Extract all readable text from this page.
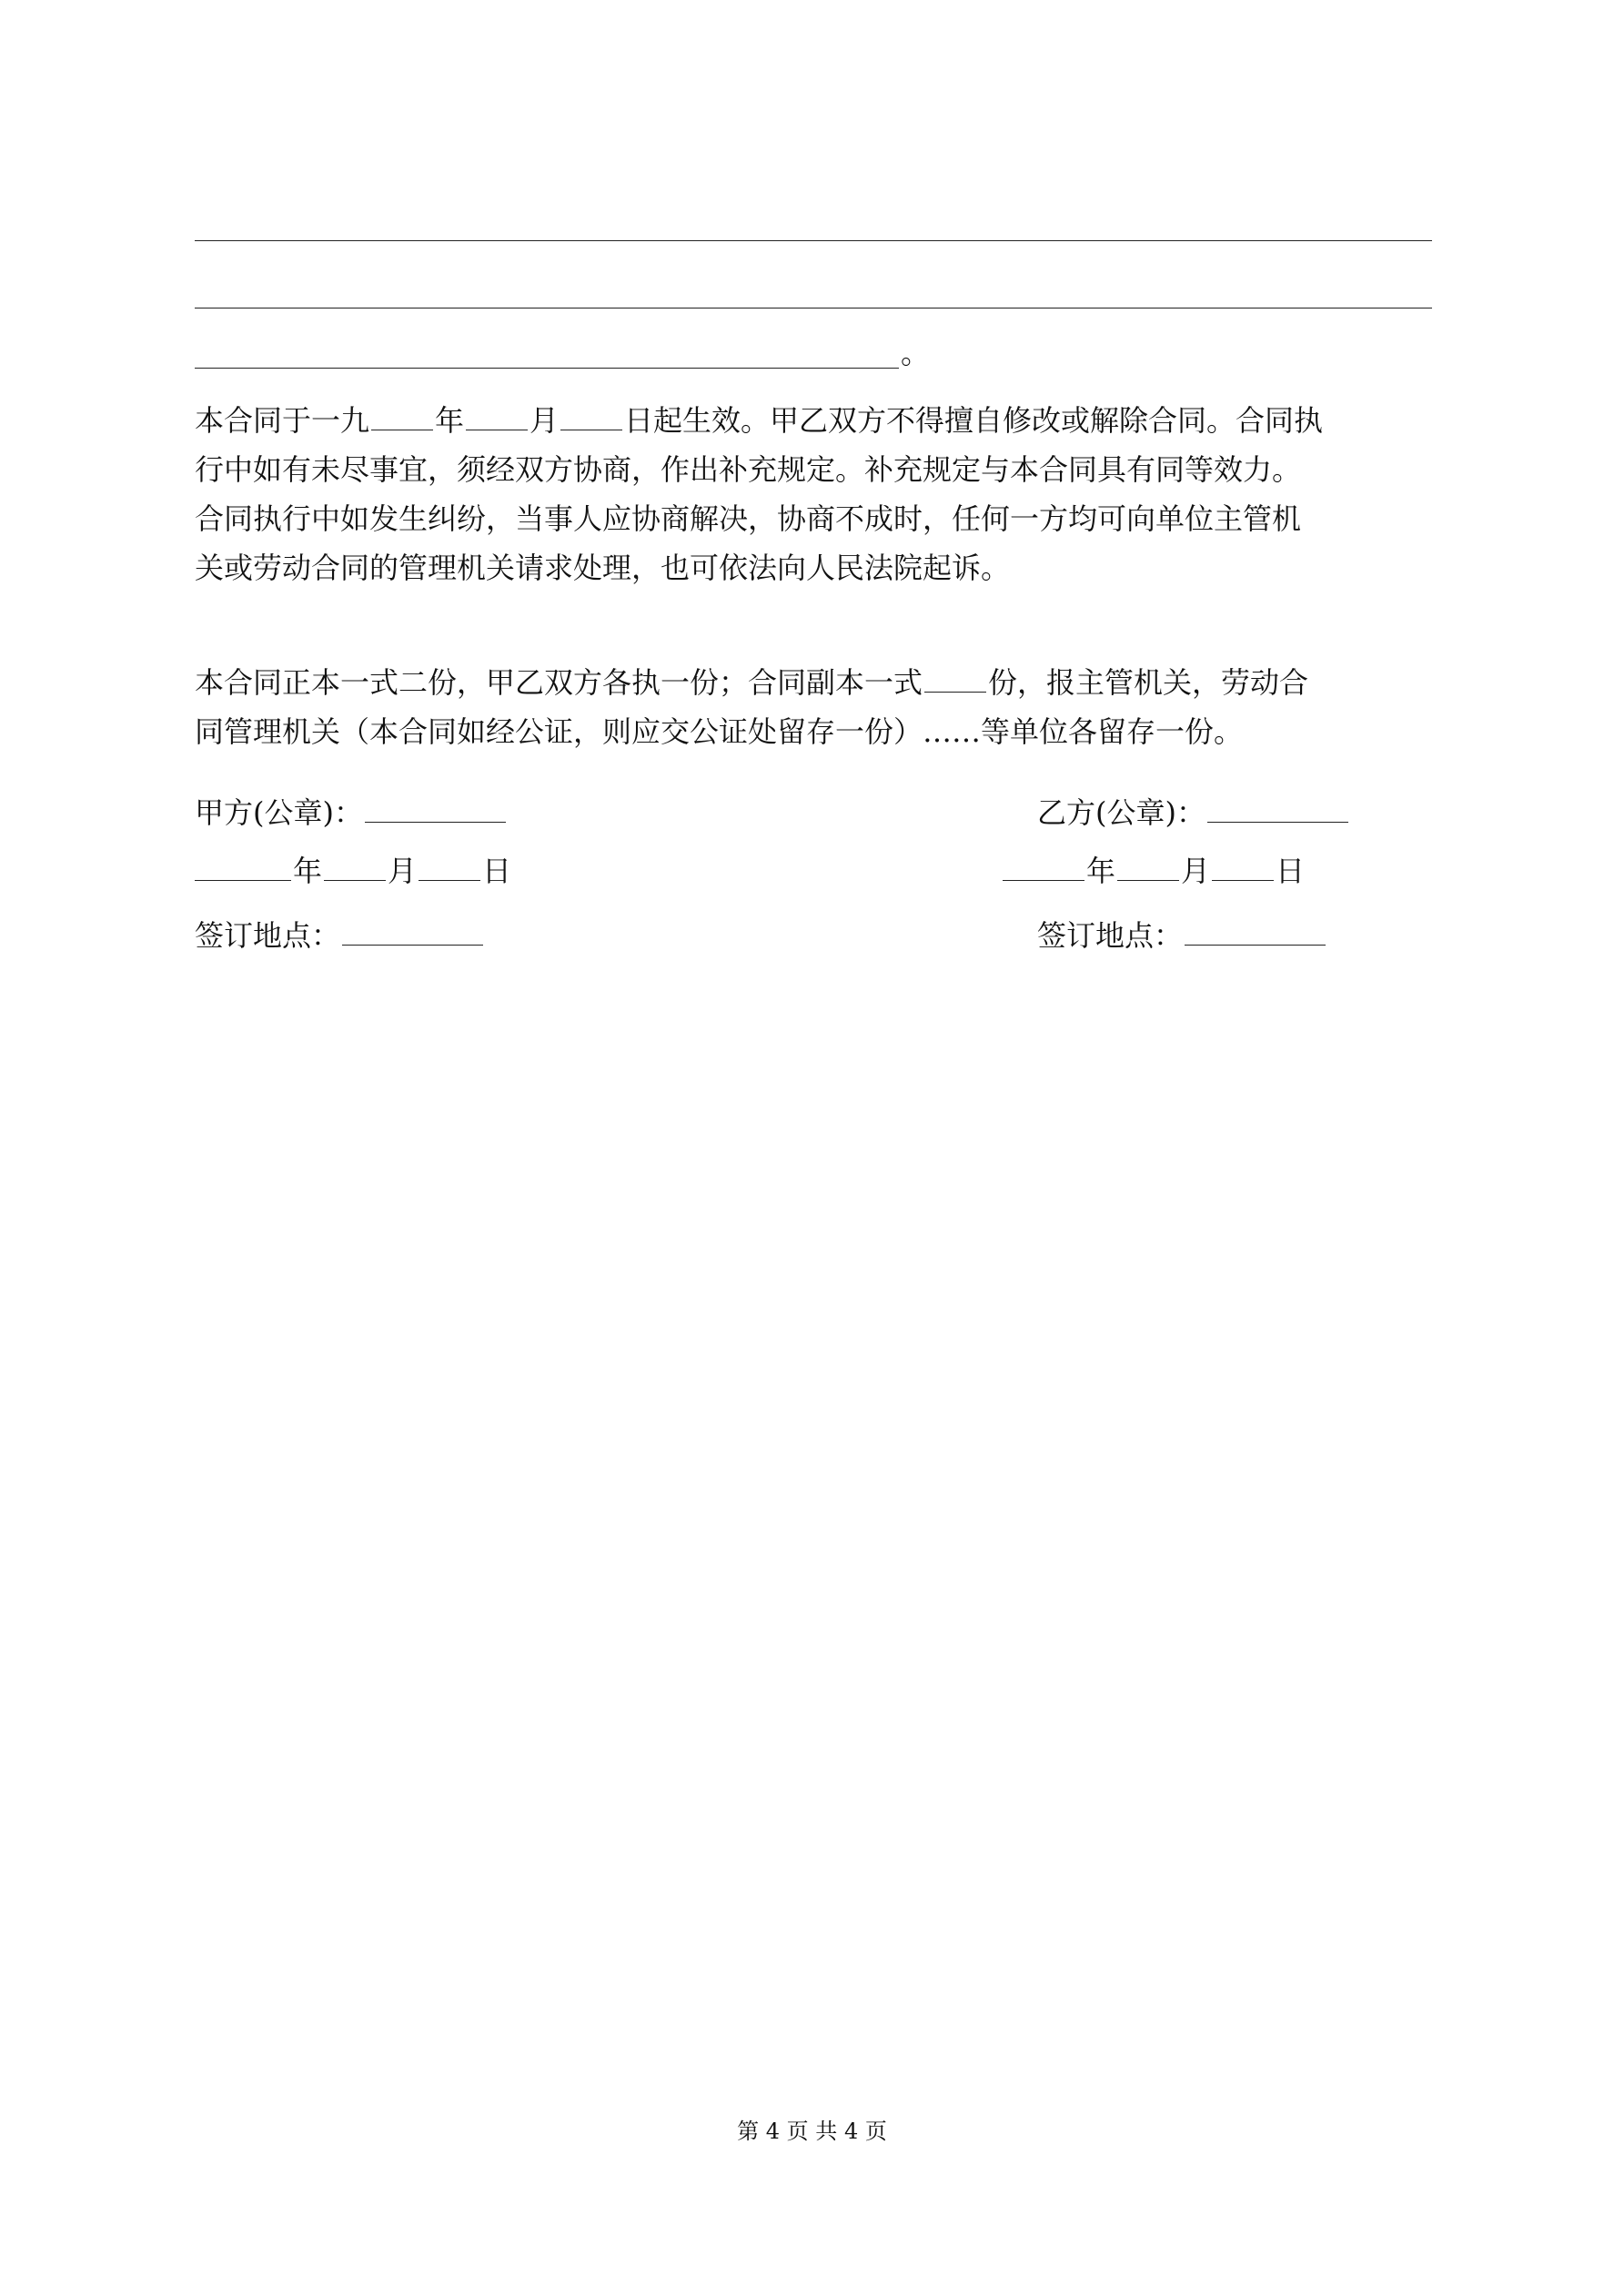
。
本合同于一九 年 月 日起生效。甲乙双方不得擅自修改或解除合同。合同执
行中如有未尽事宜，须经双方协商，作出补充规定。补充规定与本合同具有同等效力。
合同执行中如发生纠纷，当事人应协商解决，协商不成时，任何一方均可向单位主管机
关或劳动合同的管理机关请求处理，也可依法向人民法院起诉。
本合同正本一式二份，甲乙双方各执一份；合同副本一式 份，报主管机关，劳动合
同管理机关（本合同如经公证，则应交公证处留存一份）……等单位各留存一份。
甲方(公章)：
年 月 日
签订地点：
乙方(公章)：
年 月 日
签订地点：
第 4 页 共 4 页
